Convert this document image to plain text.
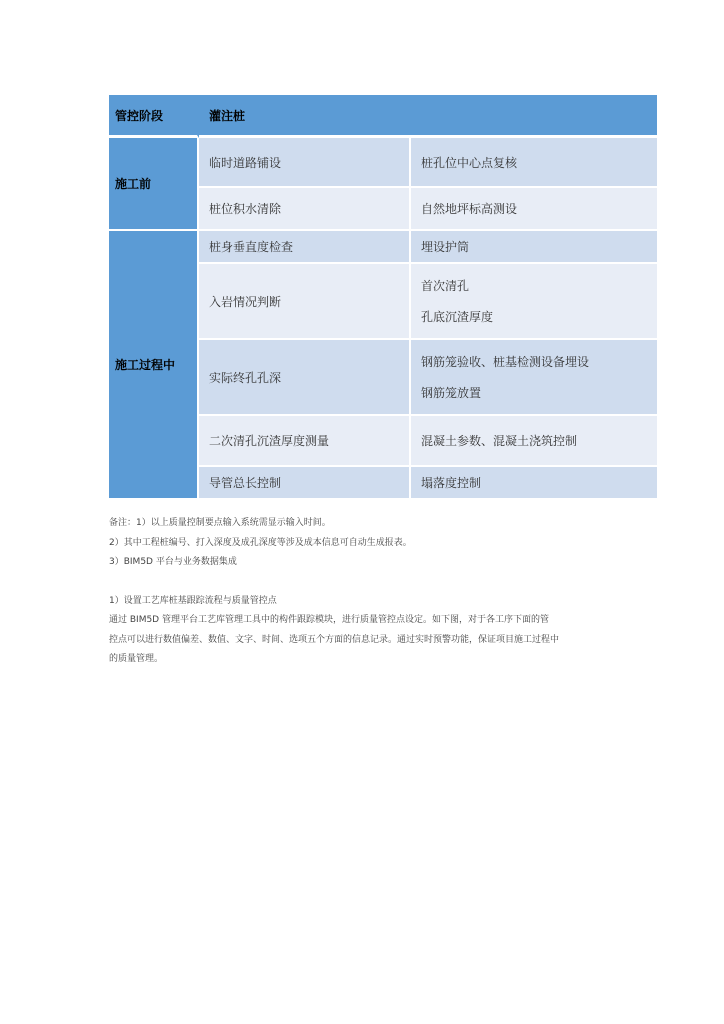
管控阶段	灌注桩	
施工前	临时道路铺设	桩孔位中心点复核
	桩位积水清除	自然地坪标高测设
施工过程中	桩身垂直度检查	埋设护筒
	入岩情况判断	首次清孔
孔底沉渣厚度

	实际终孔孔深	钢筋笼验收、桩基检测设备埋设
钢筋笼放置

	二次清孔沉渣厚度测量	混凝土参数、混凝土浇筑控制
	导管总长控制	塌落度控制

备注：1）以上质量控制要点输入系统需显示输入时间。

2）其中工程桩编号、打入深度及成孔深度等涉及成本信息可自动生成报表。

3）BIM5D 平台与业务数据集成

1）设置工艺库桩基跟踪流程与质量管控点

通过 BIM5D 管理平台工艺库管理工具中的构件跟踪模块，进行质量管控点设定。如下图，对于各工序下面的管

控点可以进行数值偏差、数值、文字、时间、选项五个方面的信息记录。通过实时预警功能，保证项目施工过程中

的质量管理。
